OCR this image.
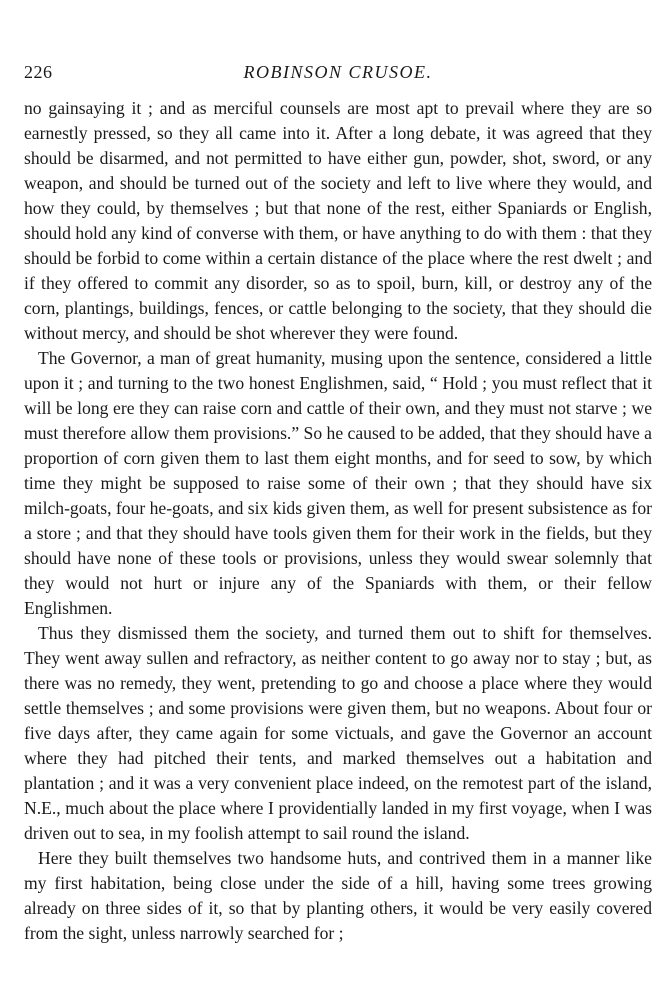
226	ROBINSON CRUSOE.

no gainsaying it ; and as merciful counsels are most apt to prevail where they are so earnestly pressed, so they all came into it. After a long debate, it was agreed that they should be disarmed, and not permitted to have either gun, powder, shot, sword, or any weapon, and should be turned out of the society and left to live where they would, and how they could, by themselves ; but that none of the rest, either Spaniards or English, should hold any kind of converse with them, or have anything to do with them : that they should be forbid to come within a certain distance of the place where the rest dwelt ; and if they offered to commit any disorder, so as to spoil, burn, kill, or destroy any of the corn, plantings, buildings, fences, or cattle belonging to the society, that they should die without mercy, and should be shot wherever they were found.

The Governor, a man of great humanity, musing upon the sentence, considered a little upon it ; and turning to the two honest Englishmen, said, “ Hold ; you must reflect that it will be long ere they can raise corn and cattle of their own, and they must not starve ; we must therefore allow them provisions.” So he caused to be added, that they should have a proportion of corn given them to last them eight months, and for seed to sow, by which time they might be supposed to raise some of their own ; that they should have six milch-goats, four he-goats, and six kids given them, as well for present subsistence as for a store ; and that they should have tools given them for their work in the fields, but they should have none of these tools or provisions, unless they would swear solemnly that they would not hurt or injure any of the Spaniards with them, or their fellow Englishmen.

Thus they dismissed them the society, and turned them out to shift for themselves. They went away sullen and refractory, as neither content to go away nor to stay ; but, as there was no remedy, they went, pretending to go and choose a place where they would settle themselves ; and some provisions were given them, but no weapons. About four or five days after, they came again for some victuals, and gave the Governor an account where they had pitched their tents, and marked themselves out a habitation and plantation ; and it was a very convenient place indeed, on the remotest part of the island, N.E., much about the place where I providentially landed in my first voyage, when I was driven out to sea, in my foolish attempt to sail round the island.

Here they built themselves two handsome huts, and contrived them in a manner like my first habitation, being close under the side of a hill, having some trees growing already on three sides of it, so that by planting others, it would be very easily covered from the sight, unless narrowly searched for ;
